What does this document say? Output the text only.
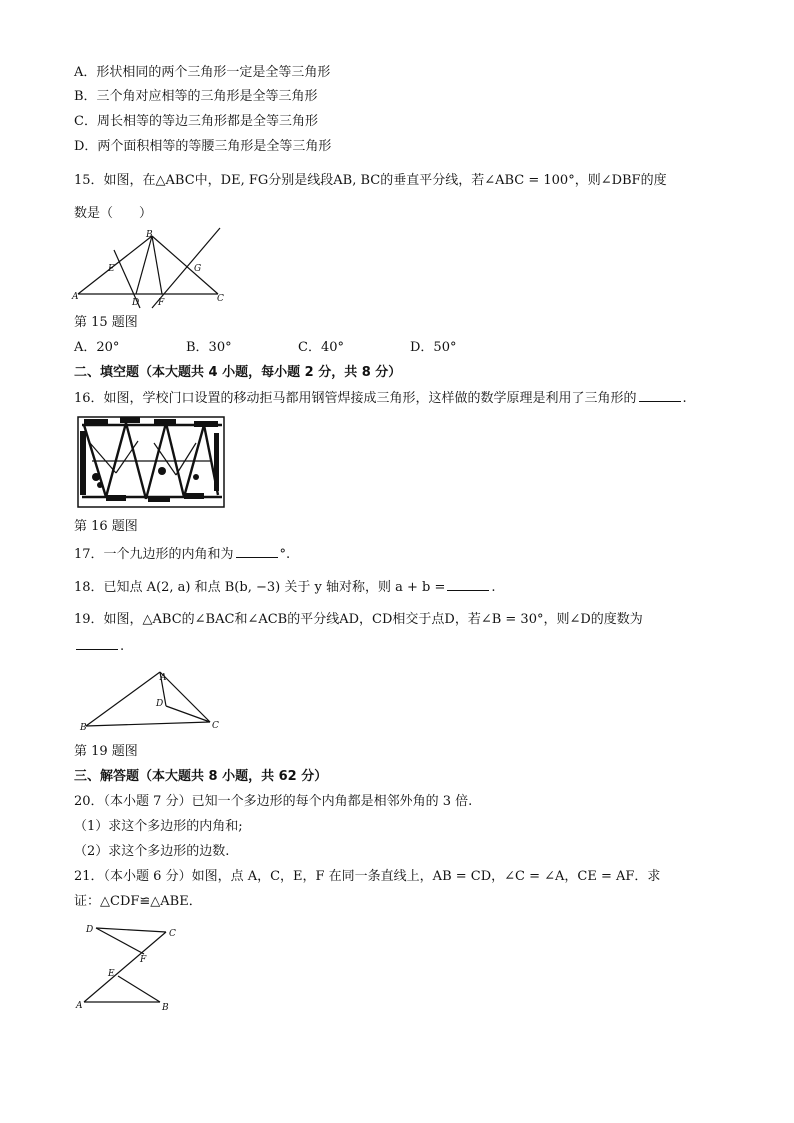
A．形状相同的两个三角形一定是全等三角形
B．三个角对应相等的三角形是全等三角形
C．周长相等的等边三角形都是全等三角形
D．两个面积相等的等腰三角形是全等三角形
15．如图，在△ABC中，DE, FG分别是线段AB, BC的垂直平分线，若∠ABC = 100°，则∠DBF的度
数是（　　）
B
E	G
A
D F	C
第 15 题图
A．20°	B．30°	C．40°	D．50°
二、填空题（本大题共 4 小题，每小题 2 分，共 8 分）
16．如图，学校门口设置的移动拒马都用钢管焊接成三角形，这样做的数学原理是利用了三角形的	.
第 16 题图
17．一个九边形的内角和为	°.
18．已知点 A(2, a) 和点 B(b, −3) 关于 y 轴对称，则 a + b =	.
19．如图，△ABC的∠BAC和∠ACB的平分线AD，CD相交于点D，若∠B = 30°，则∠D的度数为
.
A
D
B	C
第 19 题图
三、解答题（本大题共 8 小题，共 62 分）
20．（本小题 7 分）已知一个多边形的每个内角都是相邻外角的 3 倍.
（1）求这个多边形的内角和;
（2）求这个多边形的边数.
21．（本小题 6 分）如图，点 A，C，E，F 在同一条直线上，AB = CD，∠C = ∠A，CE = AF．求
证：△CDF≌△ABE．
D	C
F
E
A	B
